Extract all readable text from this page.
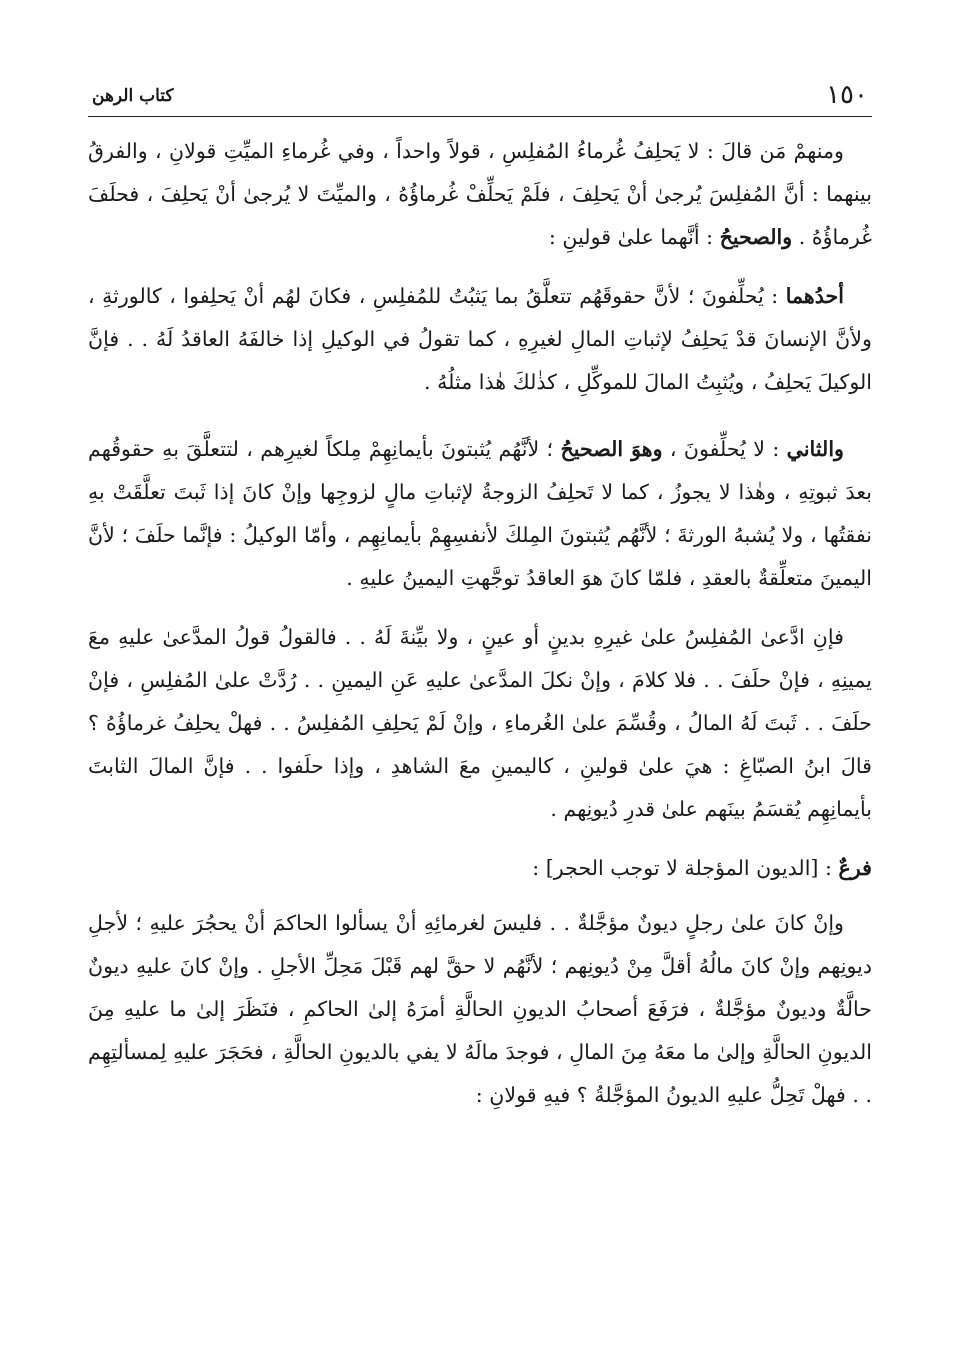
١٥٠
كتاب الرهن

ومنهمْ مَن قالَ : لا يَحلِفُ غُرماءُ المُفلِسِ ، قولاً واحداً ، وفي غُرماءِ الميِّتِ قولانِ ، والفرقُ بينهما : أنَّ المُفلِسَ يُرجىٰ أنْ يَحلِفَ ، فلَمْ يَحلِّفْ غُرماؤُهُ ، والميِّتَ لا يُرجىٰ أنْ يَحلِفَ ، فحلَفَ غُرماؤُهُ . والصحيحُ : أنَّهما علىٰ قولينِ :

أحدُهما : يُحلِّفونَ ؛ لأنَّ حقوقَهُم تتعلَّقُ بما يَثبُتُ للمُفلِسِ ، فكانَ لهُم أنْ يَحلِفوا ، كالورثةِ ، ولأنَّ الإنسانَ قدْ يَحلِفُ لإثباتِ المالِ لغيرِهِ ، كما تقولُ في الوكيلِ إذا خالفَهُ العاقدُ لَهُ . . فإنَّ الوكيلَ يَحلِفُ ، ويُثبِتُ المالَ للموكِّلِ ، كذٰلكَ هٰذا مثلُهُ .

والثاني : لا يُحلِّفونَ ، وهوَ الصحيحُ ؛ لأنَّهُم يُثبتونَ بأيمانِهِمْ مِلكاً لغيرِهم ، لتتعلَّقَ بهِ حقوقُهم بعدَ ثبوتِهِ ، وهٰذا لا يجوزُ ، كما لا تَحلِفُ الزوجةُ لإثباتِ مالٍ لزوجِها وإنْ كانَ إذا ثَبتَ تعلَّقَتْ بهِ نفقتُها ، ولا يُشبهُ الورثةَ ؛ لأنَّهُم يُثبتونَ المِلكَ لأنفسِهِمْ بأيمانِهِم ، وأمّا الوكيلُ : فإنَّما حلَفَ ؛ لأنَّ اليمينَ متعلِّقةٌ بالعقدِ ، فلمّا كانَ هوَ العاقدُ توجَّهتِ اليمينُ عليهِ .

فإنِ ادَّعىٰ المُفلِسُ علىٰ غيرِهِ بدينٍ أو عينٍ ، ولا بيِّنةَ لَهُ . . فالقولُ قولُ المدَّعىٰ عليهِ معَ يمينِهِ ، فإنْ حلَفَ . . فلا كلامَ ، وإنْ نكلَ المدَّعىٰ عليهِ عَنِ اليمينِ . . رُدَّتْ علىٰ المُفلِسِ ، فإنْ حلَفَ . . ثَبتَ لَهُ المالُ ، وقُسِّمَ علىٰ الغُرماءِ ، وإنْ لَمْ يَحلِفِ المُفلِسُ . . فهلْ يحلِفُ غرماؤُهُ ؟ قالَ ابنُ الصبّاغِ : هيَ علىٰ قولينِ ، كاليمينِ معَ الشاهدِ ، وإذا حلَفوا . . فإنَّ المالَ الثابتَ بأيمانِهِم يُقسَمُ بينَهم علىٰ قدرِ دُيونِهم .

فرعٌ : [الديون المؤجلة لا توجب الحجر] :

وإنْ كانَ علىٰ رجلٍ ديونٌ مؤجَّلةٌ . . فليسَ لغرمائِهِ أنْ يسألوا الحاكمَ أنْ يحجُرَ عليهِ ؛ لأجلِ ديونِهم وإنْ كانَ مالُهُ أقلَّ مِنْ دُيونِهم ؛ لأنَّهُم لا حقَّ لهم قَبْلَ مَحِلِّ الأجلِ . وإنْ كانَ عليهِ ديونٌ حالَّةٌ وديونٌ مؤجَّلةٌ ، فرَفَعَ أصحابُ الديونِ الحالَّةِ أمرَهُ إلىٰ الحاكمِ ، فنَظَرَ إلىٰ ما عليهِ مِنَ الديونِ الحالَّةِ وإلىٰ ما معَهُ مِنَ المالِ ، فوجدَ مالَهُ لا يفي بالديونِ الحالَّةِ ، فحَجَرَ عليهِ لِمسألتِهِم . . فهلْ تَحِلُّ عليهِ الديونُ المؤجَّلةُ ؟ فيهِ قولانِ :
